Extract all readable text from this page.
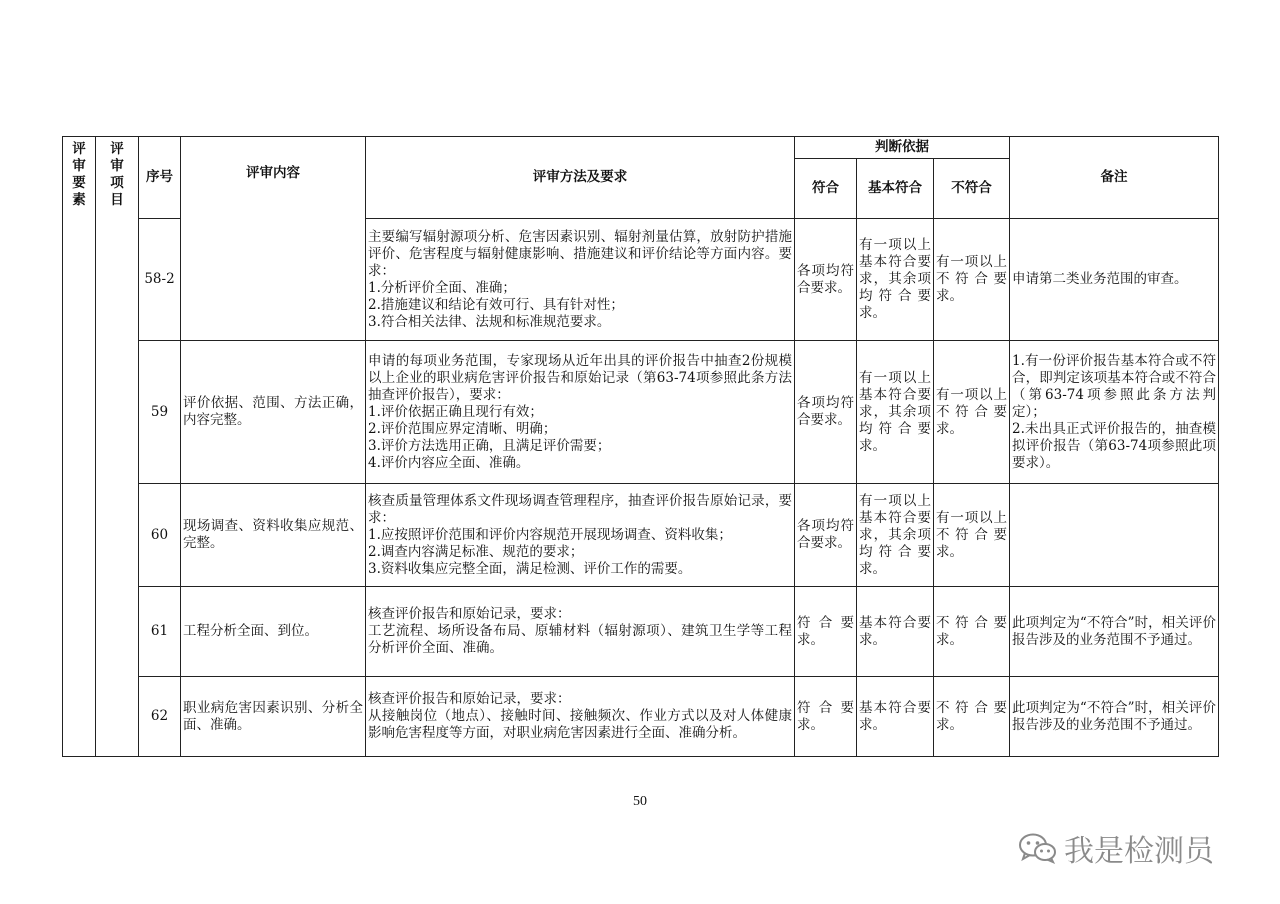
评
审
要
素	评
审
项
目	序号	评审内容	评审方法及要求	判断依据			备注
					符合	基本符合	不符合	
		58-2		主要编写辐射源项分析、危害因素识别、辐射剂量估算，放射防护措施评价、危害程度与辐射健康影响、措施建议和评价结论等方面内容。要求：
1.分析评价全面、准确；
2.措施建议和结论有效可行、具有针对性；
3.符合相关法律、法规和标准规范要求。	各项均符合要求。	有一项以上基本符合要求，其余项均符合要求。	有一项以上不符合要求。	申请第二类业务范围的审查。
		59	评价依据、范围、方法正确，内容完整。	申请的每项业务范围，专家现场从近年出具的评价报告中抽查2份规模以上企业的职业病危害评价报告和原始记录（第63-74项参照此条方法抽查评价报告），要求：
1.评价依据正确且现行有效；
2.评价范围应界定清晰、明确；
3.评价方法选用正确，且满足评价需要；
4.评价内容应全面、准确。	各项均符合要求。	有一项以上基本符合要求，其余项均符合要求。	有一项以上不符合要求。	1.有一份评价报告基本符合或不符合，即判定该项基本符合或不符合（第63-74项参照此条方法判定）；
2.未出具正式评价报告的，抽查模拟评价报告（第63-74项参照此项要求）。

		60	现场调查、资料收集应规范、完整。	核查质量管理体系文件现场调查管理程序，抽查评价报告原始记录，要求：
1.应按照评价范围和评价内容规范开展现场调查、资料收集；
2.调查内容满足标准、规范的要求；
3.资料收集应完整全面，满足检测、评价工作的需要。	各项均符合要求。	有一项以上基本符合要求，其余项均符合要求。	有一项以上不符合要求。	
		61	工程分析全面、到位。	核查评价报告和原始记录，要求：
工艺流程、场所设备布局、原辅材料（辐射源项）、建筑卫生学等工程分析评价全面、准确。	符合要求。	基本符合要求。	不符合要求。	此项判定为“不符合”时，相关评价报告涉及的业务范围不予通过。
		62	职业病危害因素识别、分析全面、准确。	核查评价报告和原始记录，要求：
从接触岗位（地点）、接触时间、接触频次、作业方式以及对人体健康影响危害程度等方面，对职业病危害因素进行全面、准确分析。	符合要求。	基本符合要求。	不符合要求。	此项判定为“不符合”时，相关评价报告涉及的业务范围不予通过。
50
我是检测员
